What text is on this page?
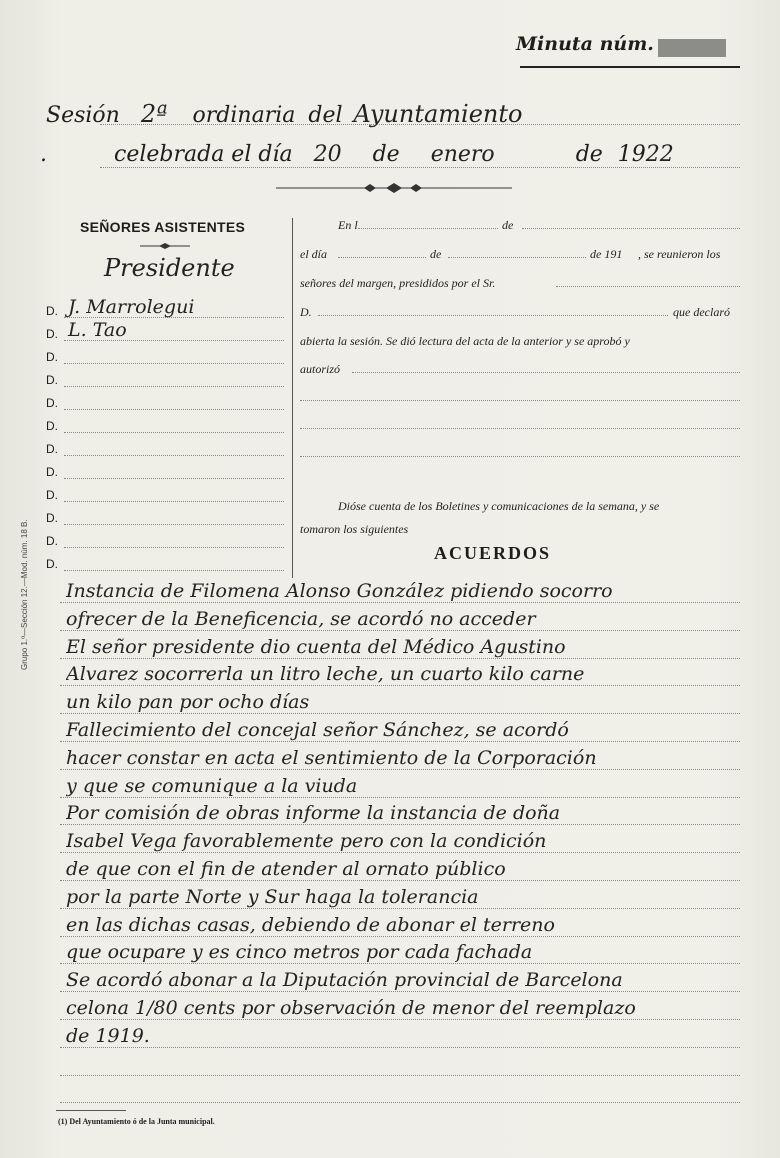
Minuta núm.
Sesión 2ª ordinaria del Ayuntamiento
.	celebrada el día 20 de enero	de 1922
SEÑORES ASISTENTES
Presidente
D. J. Marrolegui
D. L. Tao
D.
D.
D.
D.
D.
D.
D.
D.
D.
D.
En l	de
el día	de	de 191 , se reunieron los
señores del margen, presididos por el Sr.
D.	que declaró
abierta la sesión. Se dió lectura del acta de la anterior y se aprobó y
autorizó
Dióse cuenta de los Boletines y comunicaciones de la semana, y se
tomaron los siguientes
ACUERDOS
Instancia de Filomena Alonso González pidiendo socorro
ofrecer de la Beneficencia, se acordó no acceder
El señor presidente dio cuenta del Médico Agustino
Alvarez socorrerla un litro leche, un cuarto kilo carne
un kilo pan por ocho días
Fallecimiento del concejal señor Sánchez, se acordó
hacer constar en acta el sentimiento de la Corporación
y que se comunique a la viuda
Por comisión de obras informe la instancia de doña
Isabel Vega favorablemente pero con la condición
de que con el fin de atender al ornato público
por la parte Norte y Sur haga la tolerancia
en las dichas casas, debiendo de abonar el terreno
que ocupare y es cinco metros por cada fachada
Se acordó abonar a la Diputación provincial de Barcelona
celona 1/80 cents por observación de menor del reemplazo
de 1919.
Grupo 1.º—Sección 12.—Mod. núm. 18 B.
(1) Del Ayuntamiento ó de la Junta municipal.
